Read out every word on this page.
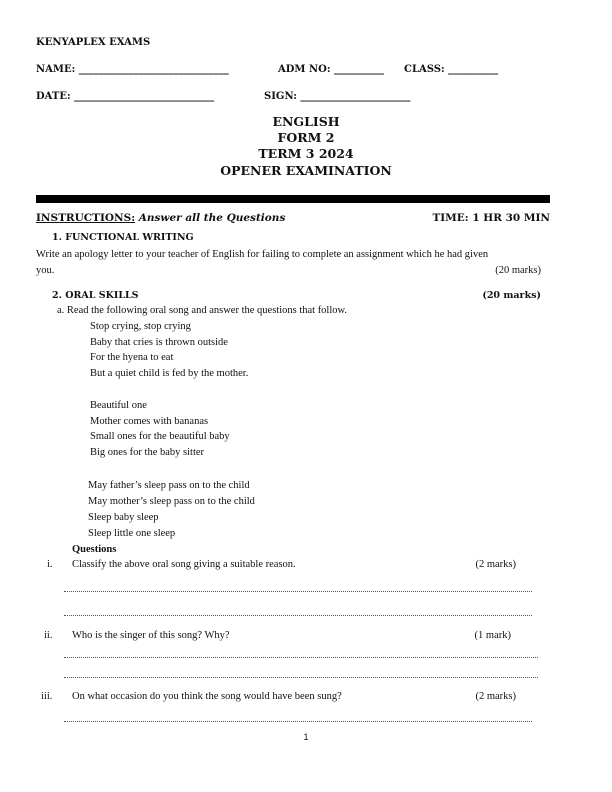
KENYAPLEX EXAMS
NAME: ______________________________	ADM NO: __________ CLASS: __________
DATE: ____________________________	SIGN: ______________________
ENGLISH
FORM 2
TERM 3 2024
OPENER EXAMINATION
INSTRUCTIONS: Answer all the Questions	TIME: 1 HR 30 MIN
1. FUNCTIONAL WRITING
Write an apology letter to your teacher of English for failing to complete an assignment which he had given
you.	(20 marks)
2. ORAL SKILLS	(20 marks)
a. Read the following oral song and answer the questions that follow.
Stop crying, stop crying
Baby that cries is thrown outside
For the hyena to eat
But a quiet child is fed by the mother.
Beautiful one
Mother comes with bananas
Small ones for the beautiful baby
Big ones for the baby sitter
May father’s sleep pass on to the child
May mother’s sleep pass on to the child
Sleep baby sleep
Sleep little one sleep
Questions
i. Classify the above oral song giving a suitable reason.	(2 marks)
ii. Who is the singer of this song? Why?	(1 mark)
iii. On what occasion do you think the song would have been sung?	(2 marks)
1
